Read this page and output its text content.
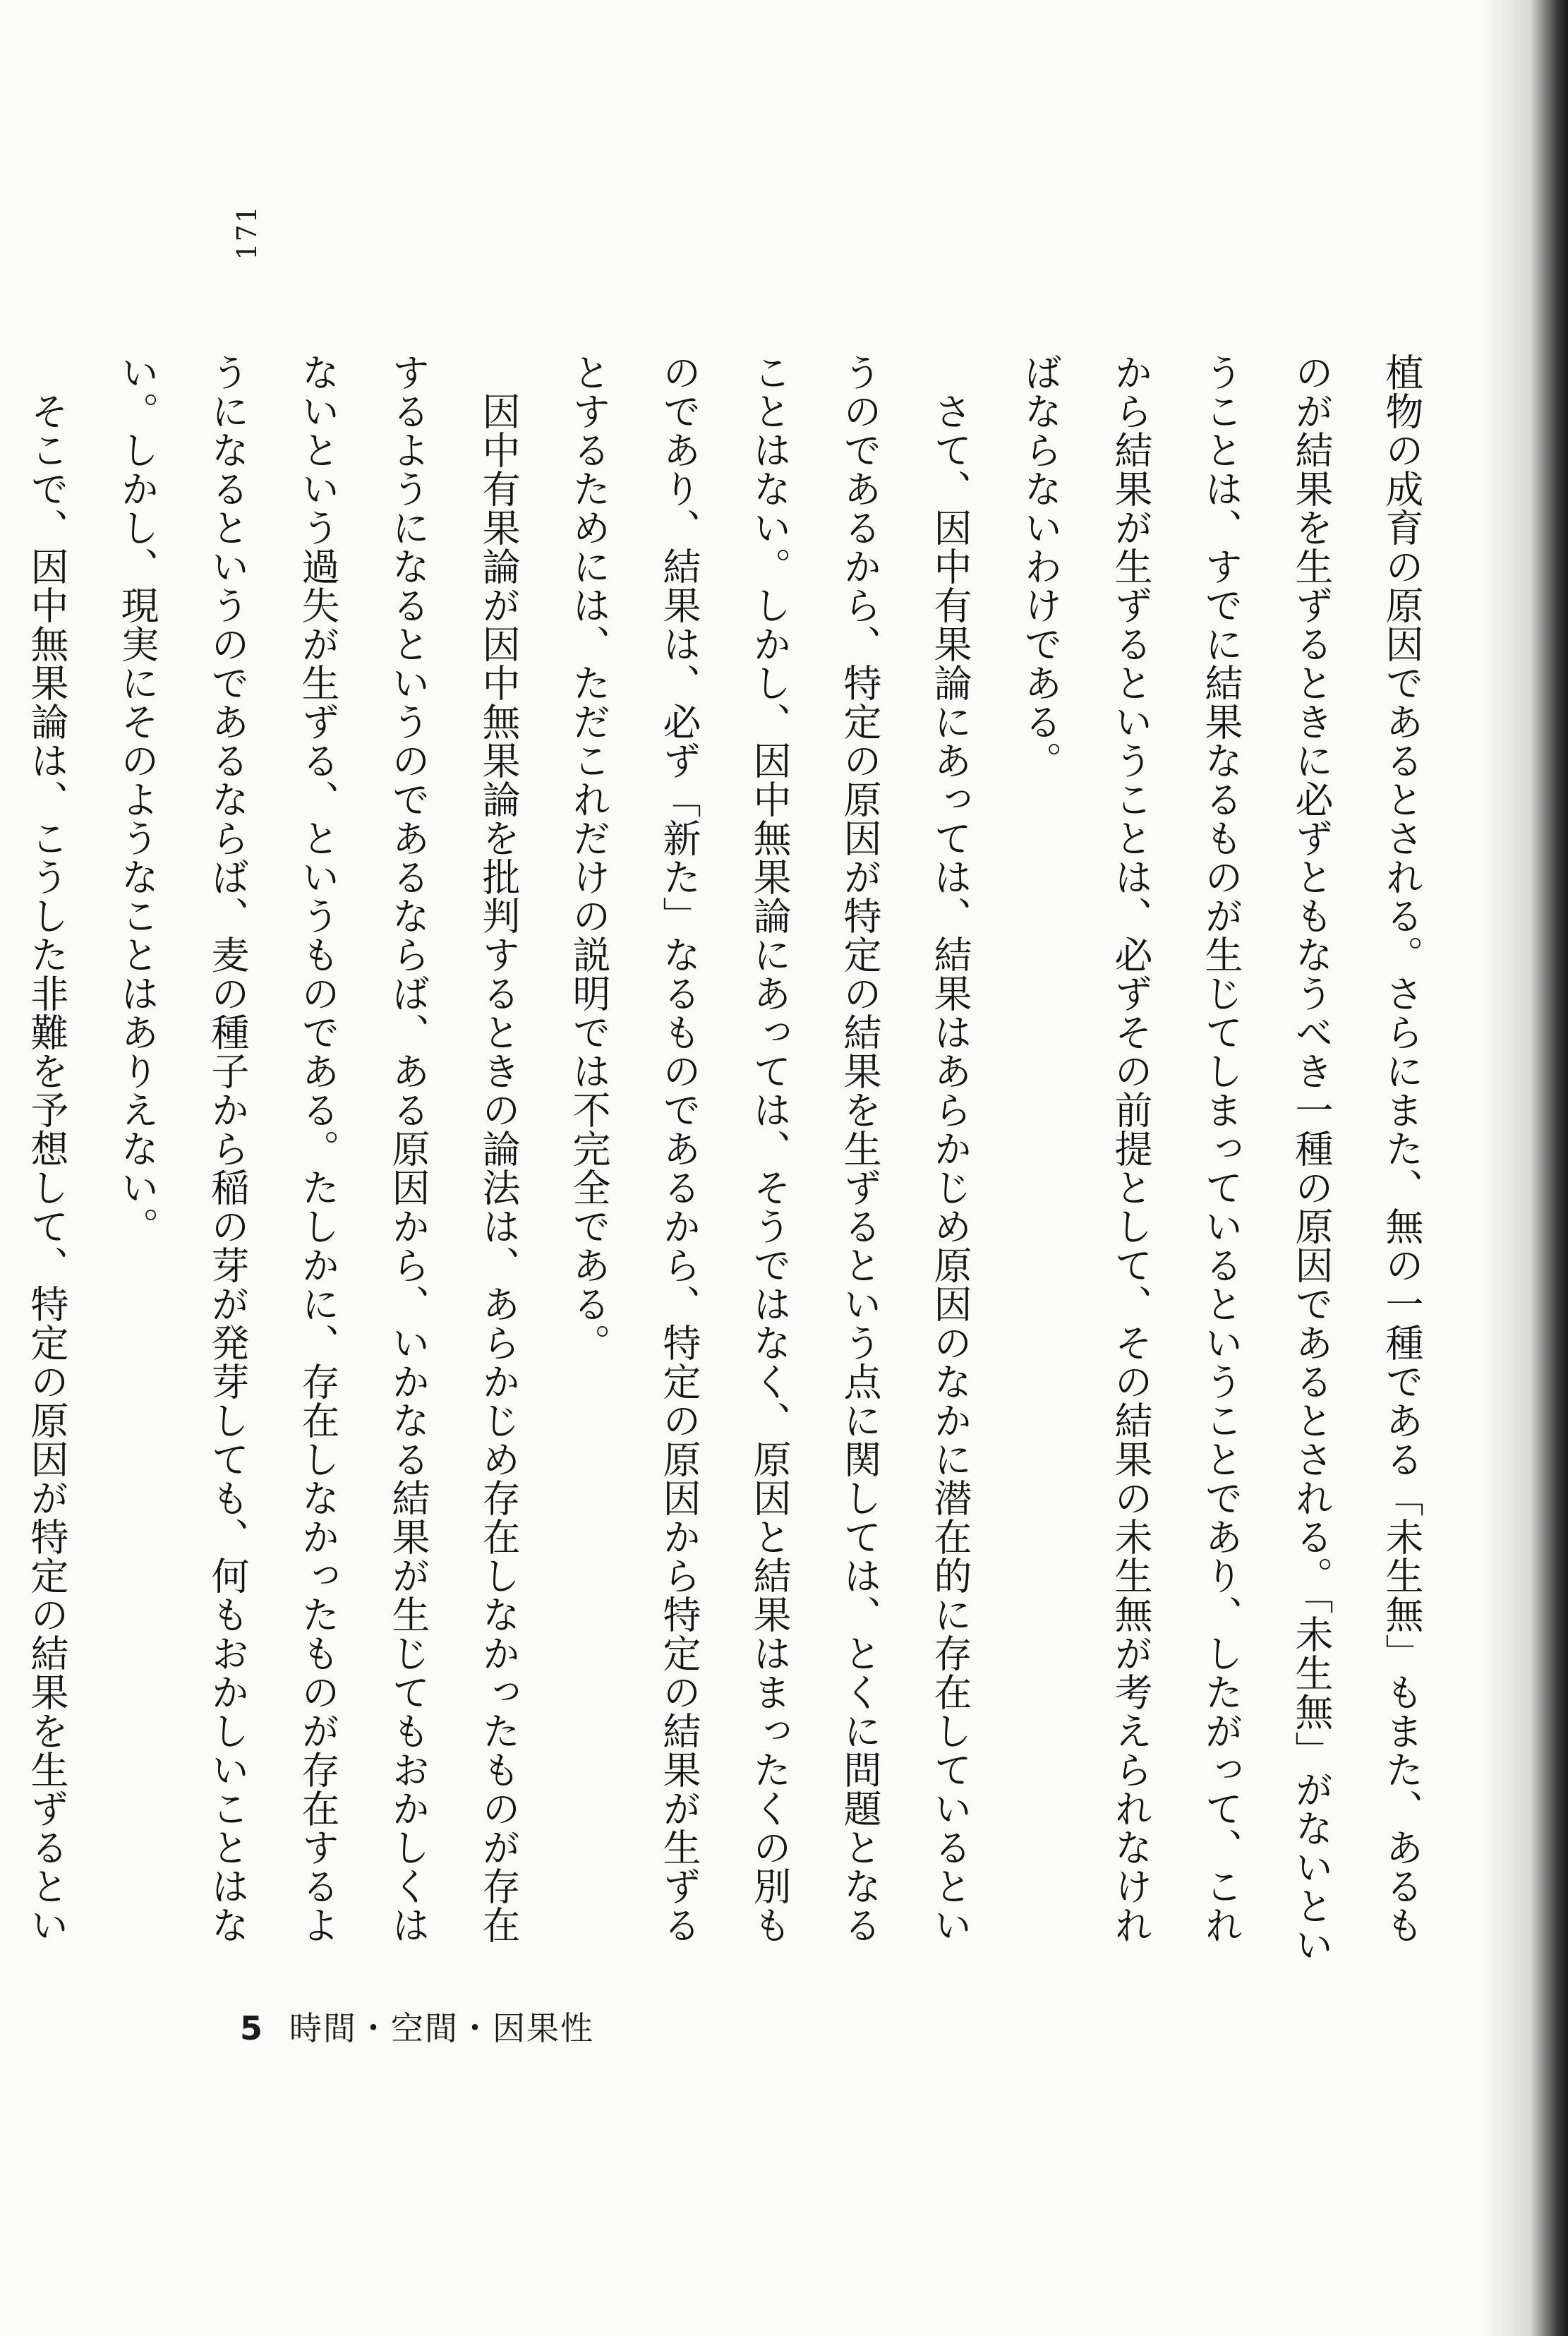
171

植物の成育の原因であるとされる。さらにまた、無の一種である「未生無」もまた、あるものが結果を生ずるときに必ずともなうべき一種の原因であるとされる。「未生無」がないということは、すでに結果なるものが生じてしまっているということであり、したがって、これから結果が生ずるということは、必ずその前提として、その結果の未生無が考えられなければならないわけである。

　さて、因中有果論にあっては、結果はあらかじめ原因のなかに潜在的に存在しているというのであるから、特定の原因が特定の結果を生ずるという点に関しては、とくに問題となることはない。しかし、因中無果論にあっては、そうではなく、原因と結果はまったくの別ものであり、結果は、必ず「新た」なるものであるから、特定の原因から特定の結果が生ずるとするためには、ただこれだけの説明では不完全である。

　因中有果論が因中無果論を批判するときの論法は、あらかじめ存在しなかったものが存在するようになるというのであるならば、ある原因から、いかなる結果が生じてもおかしくはないという過失が生ずる、というものである。たしかに、存在しなかったものが存在するようになるというのであるならば、麦の種子から稲の芽が発芽しても、何もおかしいことはない。しかし、現実にそのようなことはありえない。

　そこで、因中無果論は、こうした非難を予想して、特定の原因が特定の結果を生ずるとい

5 時間・空間・因果性
